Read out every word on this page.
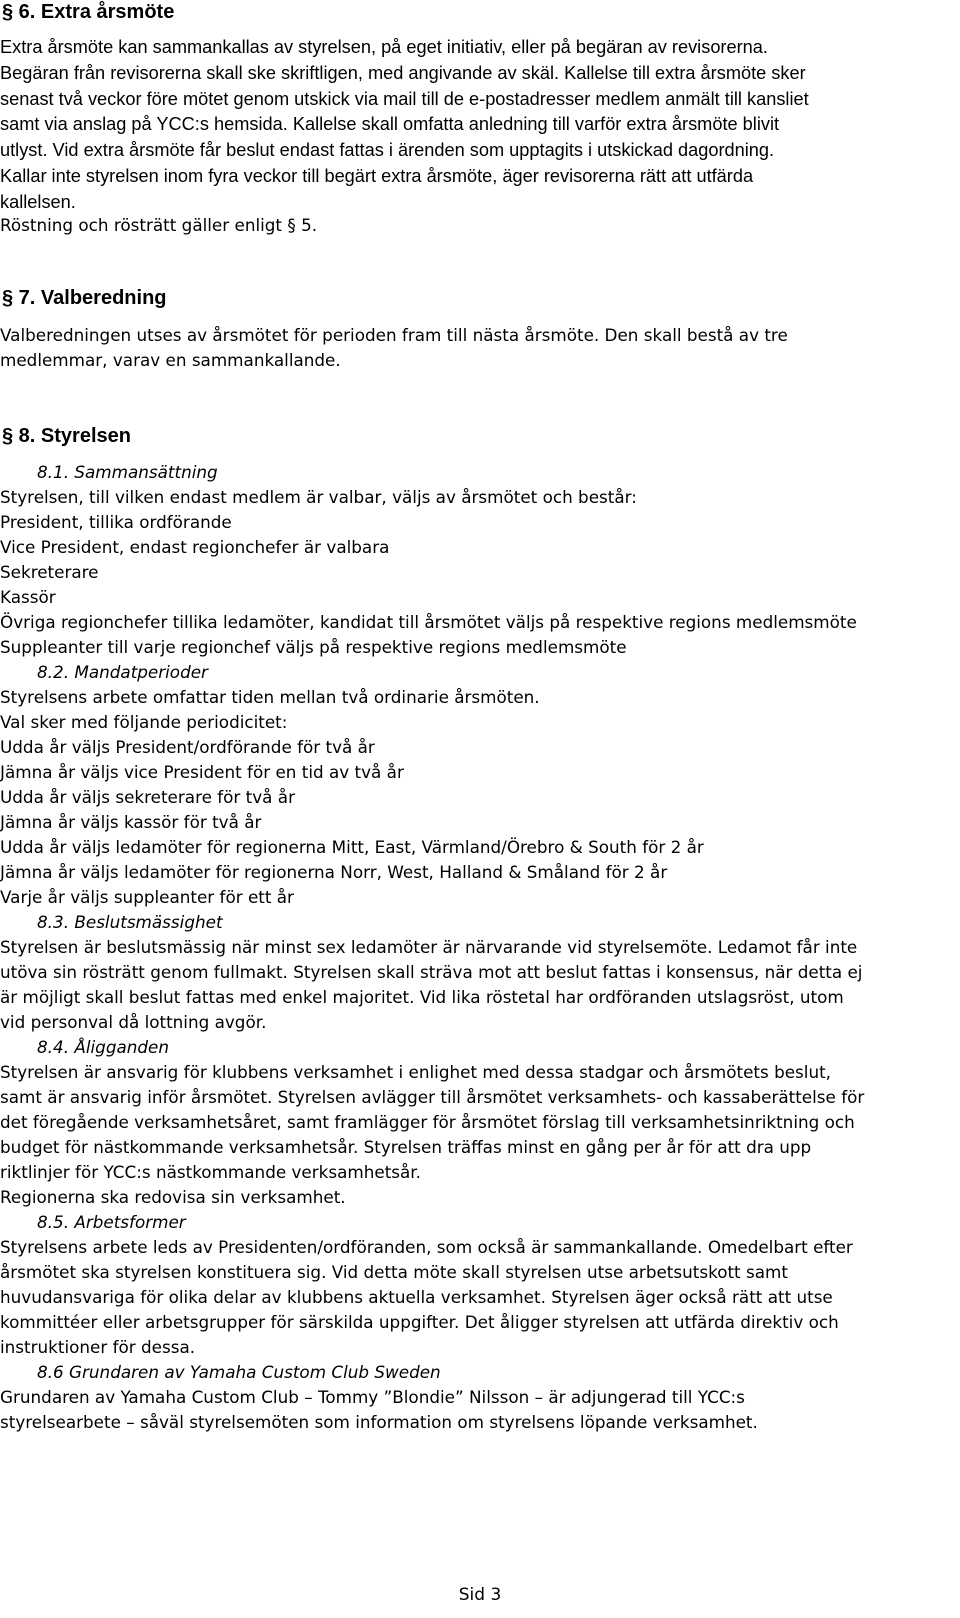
§ 6. Extra årsmöte
Extra årsmöte kan sammankallas av styrelsen, på eget initiativ, eller på begäran av revisorerna.
Begäran från revisorerna skall ske skriftligen, med angivande av skäl. Kallelse till extra årsmöte sker
senast två veckor före mötet genom utskick via mail till de e-postadresser medlem anmält till kansliet
samt via anslag på YCC:s hemsida. Kallelse skall omfatta anledning till varför extra årsmöte blivit
utlyst. Vid extra årsmöte får beslut endast fattas i ärenden som upptagits i utskickad dagordning.
Kallar inte styrelsen inom fyra veckor till begärt extra årsmöte, äger revisorerna rätt att utfärda
kallelsen.
Röstning och rösträtt gäller enligt § 5.
§ 7. Valberedning
Valberedningen utses av årsmötet för perioden fram till nästa årsmöte. Den skall bestå av tre
medlemmar, varav en sammankallande.
§ 8. Styrelsen
8.1. Sammansättning
Styrelsen, till vilken endast medlem är valbar, väljs av årsmötet och består:
President, tillika ordförande
Vice President, endast regionchefer är valbara
Sekreterare
Kassör
Övriga regionchefer tillika ledamöter, kandidat till årsmötet väljs på respektive regions medlemsmöte
Suppleanter till varje regionchef väljs på respektive regions medlemsmöte
8.2. Mandatperioder
Styrelsens arbete omfattar tiden mellan två ordinarie årsmöten.
Val sker med följande periodicitet:
Udda år väljs President/ordförande för två år
Jämna år väljs vice President för en tid av två år
Udda år väljs sekreterare för två år
Jämna år väljs kassör för två år
Udda år väljs ledamöter för regionerna Mitt, East, Värmland/Örebro & South för 2 år
Jämna år väljs ledamöter för regionerna Norr, West, Halland & Småland för 2 år
Varje år väljs suppleanter för ett år
8.3. Beslutsmässighet
Styrelsen är beslutsmässig när minst sex ledamöter är närvarande vid styrelsemöte. Ledamot får inte
utöva sin rösträtt genom fullmakt. Styrelsen skall sträva mot att beslut fattas i konsensus, när detta ej
är möjligt skall beslut fattas med enkel majoritet. Vid lika röstetal har ordföranden utslagsröst, utom
vid personval då lottning avgör.
8.4. Åligganden
Styrelsen är ansvarig för klubbens verksamhet i enlighet med dessa stadgar och årsmötets beslut,
samt är ansvarig inför årsmötet. Styrelsen avlägger till årsmötet verksamhets- och kassaberättelse för
det föregående verksamhetsåret, samt framlägger för årsmötet förslag till verksamhetsinriktning och
budget för nästkommande verksamhetsår. Styrelsen träffas minst en gång per år för att dra upp
riktlinjer för YCC:s nästkommande verksamhetsår.
Regionerna ska redovisa sin verksamhet.
8.5. Arbetsformer
Styrelsens arbete leds av Presidenten/ordföranden, som också är sammankallande. Omedelbart efter
årsmötet ska styrelsen konstituera sig. Vid detta möte skall styrelsen utse arbetsutskott samt
huvudansvariga för olika delar av klubbens aktuella verksamhet. Styrelsen äger också rätt att utse
kommittéer eller arbetsgrupper för särskilda uppgifter. Det åligger styrelsen att utfärda direktiv och
instruktioner för dessa.
8.6 Grundaren av Yamaha Custom Club Sweden
Grundaren av Yamaha Custom Club – Tommy ”Blondie” Nilsson – är adjungerad till YCC:s
styrelsearbete – såväl styrelsemöten som information om styrelsens löpande verksamhet.
Sid 3
